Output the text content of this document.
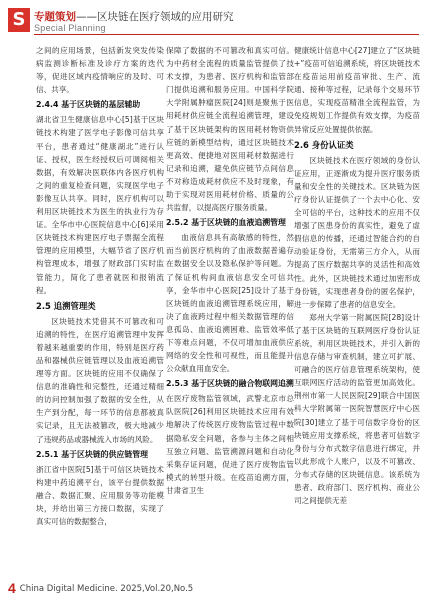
S 专题策划——区块链在医疗领域的应用研究
Special Planning

之间的应用场景，包括新发突发传染病监测诊断标准及诊疗方案的迭代等，促进区域内疫情响应的及时、可信、共享。

2.4.4 基于区块链的基层辅助

湖北省卫生健康信息中心[5]基于区块链技术构建了医学电子影像可信共享平台，患者通过“健康湖北”进行认证、授权，医生经授权后可调阅相关数据，有效解决医联体内各医疗机构之间的重复检查问题，实现医学电子影像互认共享。同时，医疗机构可以利用区块链技术为医生的执业行为存证。全华市中心医院信息中心[6]采用区块链技术构建医疗电子票据全流程管理的应用模型，大幅节省了医疗机构管理成本，增强了财政部门实时监管能力，简化了患者就医和报销流程。

2.5 追溯管理类

区块链技术凭借其不可篡改和可追溯的特性，在医疗追溯管理中发挥着越来越重要的作用，特别是医疗药品和器械供应链管理以及血液追溯管理等方面。区块链的应用不仅确保了信息的准确性和完整性，还通过精细的访问控制加强了数据的安全性，从生产到分配，每一环节的信息都被真实记录，且无法被篡改，极大地减少了违规药品或器械流入市场的风险。

2.5.1 基于区块链的供应链管理

浙江省中医院[5]基于可信区块链技术构建中药追溯平台，该平台提供数据融合、数据汇聚、应用服务等功能模块，并给出第三方接口数据，实现了真实可信的数据整合，

保障了数据的不可篡改和真实可信。为中药材全流程的质量监管提供了技术支撑，为患者、医疗机构和监管部门提供追溯和服务应用。中国科学院大学附属肿瘤医院[24]则是聚焦于医用耗材供应链全流程追溯管理，建设了基于区块链架构的医用耗材物资供应链的新模型结构，通过区块链技术更高效、便捷地对医用耗材数据进行记录和追溯，避免供应链节点间信息不对称造成耗材供应不及时现象，有助于实现对医用耗材价格、质量的公共监督，以提高医疗服务质量。

2.5.2 基于区块链的血液追溯管理

血液信息具有高敏感的特性，然而当前医疗机构的了血液数据普遍存在数据安全以及隐私保护等问题。为了保证机构间血液信息安全可信共享，金华市中心医院[25]设计了基于区块链的血液追溯管理系统应用，解决了血液跨过程中相关数据管理的信息孤岛、血液追溯困难、监管效率低下等难点问题，不仅可增加血液供应网络的安全性和可视性，而且能提升公众献血用血安全。

2.5.3 基于区块链的融合物联网追溯

在医疗废物监管领域，武警北京市总队医院[26]利用区块链技术应用有效地解决了传统医疗废物监管过程中数据隐私安全问题，各参与主体之间相互独立问题、监管溯源问题和自动化采集存证问题，促进了医疗废物监管模式的转型升级。在疫苗追溯方面，甘肃省卫生

健康统计信息中心[27]建立了“区块链+”疫苗可信追溯系统，将区块链技术在疫苗运用前疫苗审批、生产、流通、接种等过程，记录每个交易环节信息，实现疫苗精准全流程监管，为免疫规划工作提供有效支撑，为疫苗异常反应处置提供依据。

2.6 身份认证类

区块链技术在医疗领域的身份认证应用，正逐渐成为提升医疗服务质量和安全性的关键技术。区块链为医疗身份认证提供了一个去中心化、安全可信的平台，这种技术的应用不仅增强了医患身份的真实性，避免了虚假信息的传播，还通过智能合约的自动验证身份，无需第三方介入，从而提高了医疗数据共享的灵活性和高效性。此外，区块链技术通过加密形成身份链，实现患者身份的匿名保护，进一步保障了患者的信息安全。

郑州大学第一附属医院[28]设计了基于区块链的互联网医疗身份认证系统，利用区块链技术，并引入新的信息存储与审查机制，建立可扩展、可融合的医疗信息管理系统架构，使互联网医疗活动的监管更加高效化。荆州市第一人民医院[29]联合中国医科大学附属第一医院智慧医疗中心医院[30]建立了基于可信数字身份的区块链应用支撑系统，将患者可信数字身份与分布式数字信息进行绑定，并以此形成个人账户，以及不可篡改、分布式存储的区块链信息。该系统为患者、政府部门、医疗机构、商业公司之间提供无差

4 China Digital Medicine. 2025,Vol.20,No.5
